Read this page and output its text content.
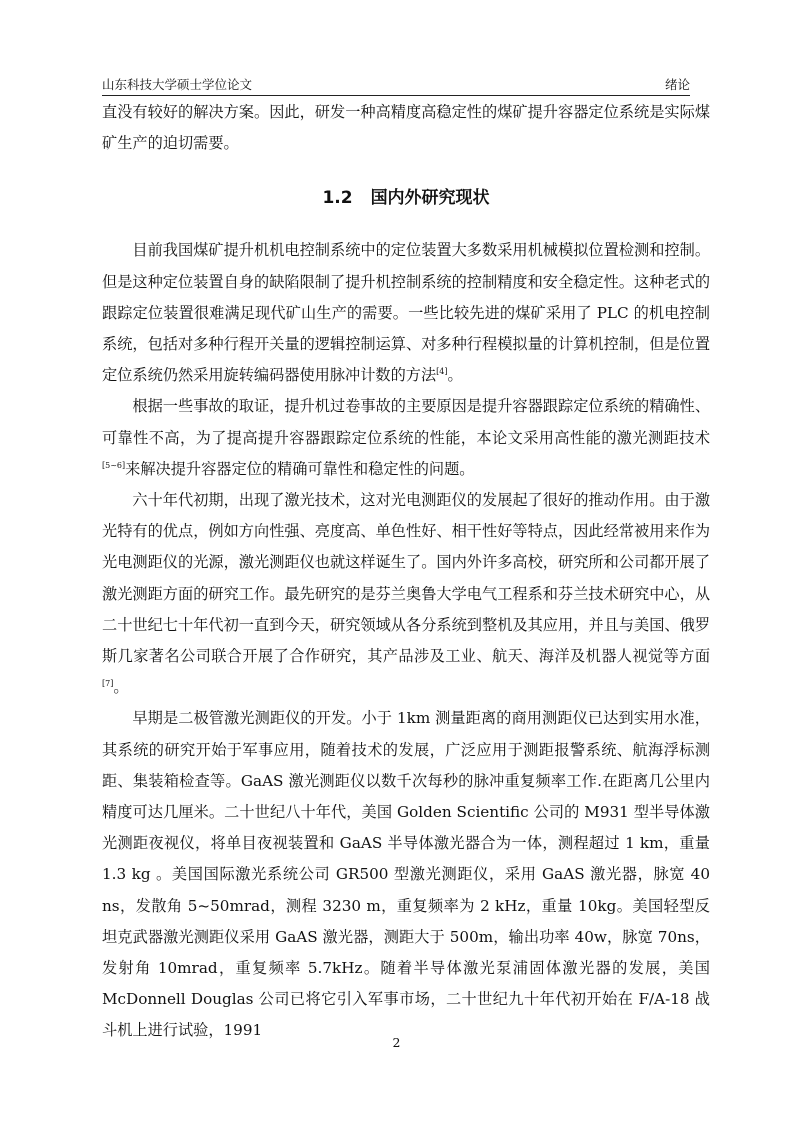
山东科技大学硕士学位论文	绪论

直没有较好的解决方案。因此，研发一种高精度高稳定性的煤矿提升容器定位系统是实际煤矿生产的迫切需要。

1.2 国内外研究现状

目前我国煤矿提升机机电控制系统中的定位装置大多数采用机械模拟位置检测和控制。但是这种定位装置自身的缺陷限制了提升机控制系统的控制精度和安全稳定性。这种老式的跟踪定位装置很难满足现代矿山生产的需要。一些比较先进的煤矿采用了 PLC 的机电控制系统，包括对多种行程开关量的逻辑控制运算、对多种行程模拟量的计算机控制，但是位置定位系统仍然采用旋转编码器使用脉冲计数的方法[4]。

根据一些事故的取证，提升机过卷事故的主要原因是提升容器跟踪定位系统的精确性、可靠性不高，为了提高提升容器跟踪定位系统的性能，本论文采用高性能的激光测距技术[5~6]来解决提升容器定位的精确可靠性和稳定性的问题。

六十年代初期，出现了激光技术，这对光电测距仪的发展起了很好的推动作用。由于激光特有的优点，例如方向性强、亮度高、单色性好、相干性好等特点，因此经常被用来作为光电测距仪的光源，激光测距仪也就这样诞生了。国内外许多高校，研究所和公司都开展了激光测距方面的研究工作。最先研究的是芬兰奥鲁大学电气工程系和芬兰技术研究中心，从二十世纪七十年代初一直到今天，研究领域从各分系统到整机及其应用，并且与美国、俄罗斯几家著名公司联合开展了合作研究，其产品涉及工业、航天、海洋及机器人视觉等方面[7]。

早期是二极管激光测距仪的开发。小于 1km 测量距离的商用测距仪已达到实用水准，其系统的研究开始于军事应用，随着技术的发展，广泛应用于测距报警系统、航海浮标测距、集装箱检查等。GaAS 激光测距仪以数千次每秒的脉冲重复频率工作.在距离几公里内精度可达几厘米。二十世纪八十年代，美国 Golden Scientific 公司的 M931 型半导体激光测距夜视仪，将单目夜视装置和 GaAS 半导体激光器合为一体，测程超过 1 km，重量 1.3 kg 。美国国际激光系统公司 GR500 型激光测距仪，采用 GaAS 激光器，脉宽 40 ns，发散角 5~50mrad，测程 3230 m，重复频率为 2 kHz，重量 10kg。美国轻型反坦克武器激光测距仪采用 GaAS 激光器，测距大于 500m，输出功率 40w，脉宽 70ns，发射角 10mrad，重复频率 5.7kHz。随着半导体激光泵浦固体激光器的发展，美国 McDonnell Douglas 公司已将它引入军事市场，二十世纪九十年代初开始在 F/A-18 战斗机上进行试验，1991

2
